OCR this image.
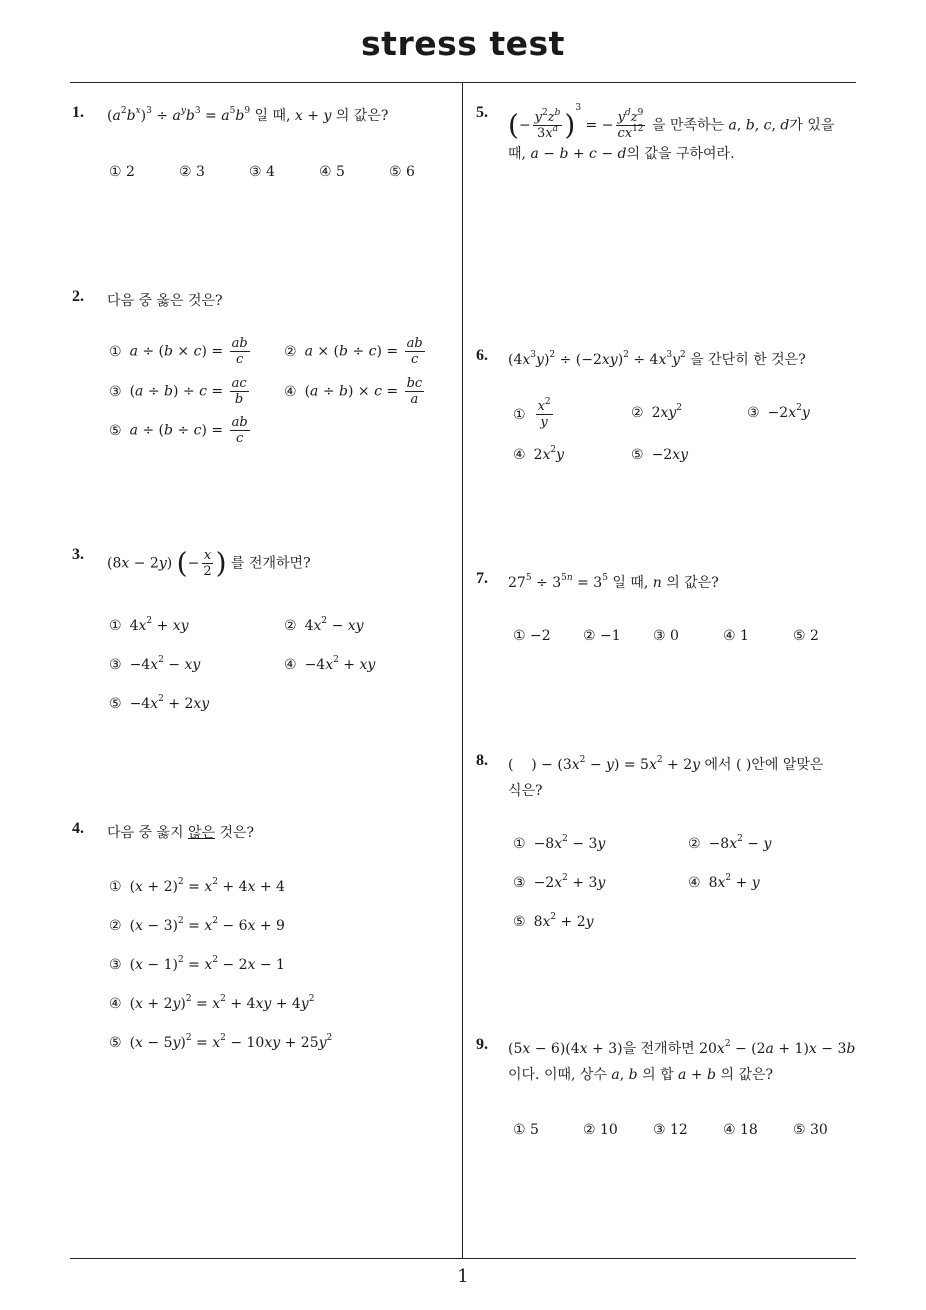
stress test
1
1. $(a^2b^x)^3 \div a^yb^3 = a^5b^9$ 일 때, x + y 의 값은?
① 2	② 3	③ 4	④ 5	⑤ 6
2. 다음 중 옳은 것은?
① $a \div (b \times c) = \frac{ab}{c}$ ② $a \times (b \div c) = \frac{ab}{c}$
③ $(a \div b) \div c = \frac{ac}{b}$	④ $(a \div b) \times c = \frac{bc}{a}$
⑤ $a \div (b \div c) = \frac{ab}{c}$
3.
(8x − 2y) (− $\frac{x}{2}$ ) 를 전개하면?
① $4x^2$ + xy	② $4x^2$ − xy
③ $-4x^2$ − xy	④ $-4x^2$ + xy
⑤ $-4x^2 + 2xy$
4. 다음 중 옳지 않은 것은?
① $(x + 2)^2 = x^2 + 4x + 4$
② $(x - 3)^2 = x^2 - 6x + 9$
③ $(x - 1)^2 = x^2 - 2x - 1$
④ $(x + 2y)^2 = x^2 + 4xy + 4y^2$
⑤ $(x - 5y)^2 = x^2 - 10xy + 25y^2$
5. (− $\frac{y^2z^b}{3x^a} )^3$ = − $\frac{y^dz^9}{cx^{12}}$ 을 만족하는 a, b, c, d가 있을
때, a − b + c − d의 값을 구하여라.
6. $(4x^3y)^2 \div (-2xy)^2 \div 4x^3y^2$ 을 간단히 한 것은?
① $\frac{x^2}{y}$	② $2xy^2$	③ $-2x^2y$
④ $2x^2y$	⑤ −2xy
7. $27^5 \div 3^{5n} = 3^5$ 일 때, n 의 값은?
① −2 ② −1 ③ 0	④ 1	⑤ 2
8. (    ) − $(3x^2 - y) = 5x^2 + 2y$ 에서 ( )안에 알맞은
식은?
① $-8x^2 - 3y$	② $-8x^2 - y$
③ $-2x^2 + 3y$	④ $8x^2 + y$
⑤ $8x^2 + 2y$
9. (5x − 6)(4x + 3)을 전개하면 $20x^2 - (2a + 1)x - 3b$
이다. 이때, 상수 a, b 의 합 a + b 의 값은?
① 5	② 10	③ 12	④ 18	⑤ 30
